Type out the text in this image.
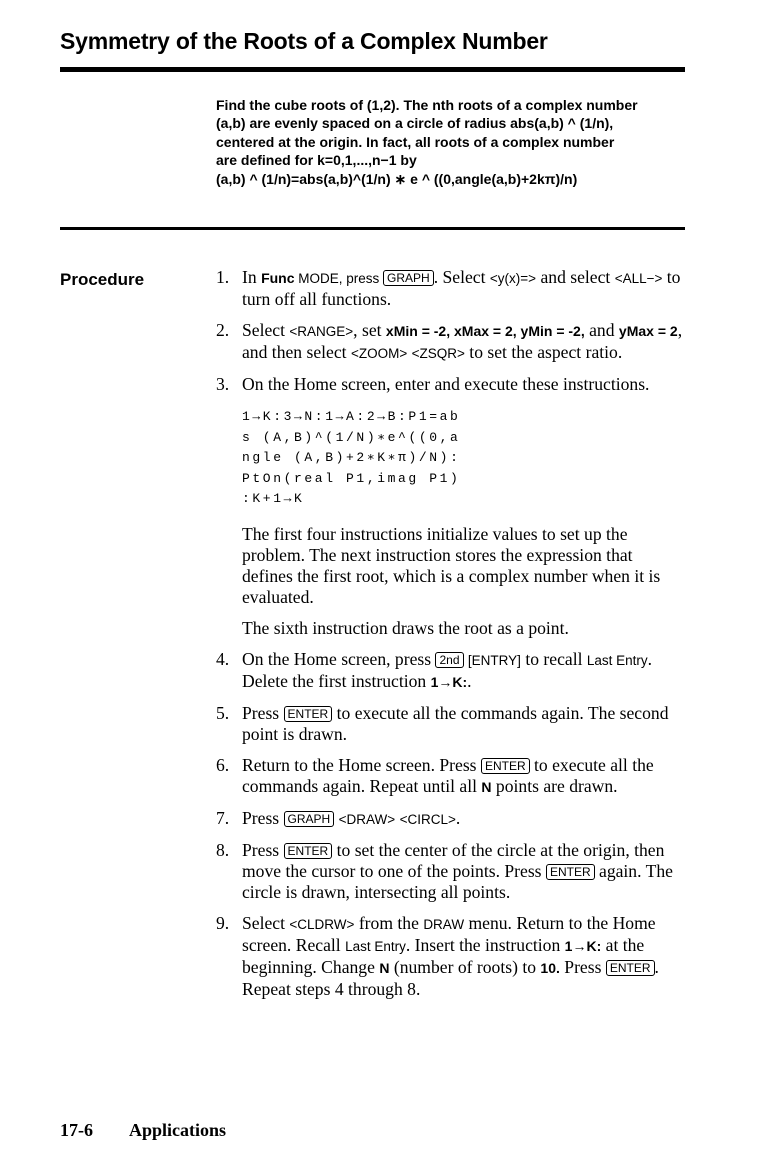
Symmetry of the Roots of a Complex Number
Find the cube roots of (1,2). The nth roots of a complex number
(a,b) are evenly spaced on a circle of radius abs(a,b) ^ (1/n),
centered at the origin. In fact, all roots of a complex number
are defined for k=0,1,...,n−1 by
(a,b) ^ (1/n)=abs(a,b)^(1/n) ∗ e ^ ((0,angle(a,b)+2kπ)/n)
Procedure	1. In Func MODE, press GRAPH . Select <y(x)=> and select <ALL−> to turn off all functions.
2. Select <RANGE>, set xMin = -2, xMax = 2, yMin = -2, and yMax = 2, and then select <ZOOM> <ZSQR> to set the aspect ratio.
3. On the Home screen, enter and execute these instructions.
1→K:3→N:1→A:2→B:P1=ab
s (A,B)^(1/N)∗e^((0,a
ngle (A,B)+2∗K∗π)/N):
PtOn(real P1,imag P1)
:K+1→K

The first four instructions initialize values to set up the problem. The next instruction stores the expression that defines the first root, which is a complex number when it is evaluated.

The sixth instruction draws the root as a point.

4. On the Home screen, press 2nd [ENTRY] to recall Last Entry. Delete the first instruction 1→K:.
5. Press ENTER to execute all the commands again. The second point is drawn.
6. Return to the Home screen. Press ENTER to execute all the commands again. Repeat until all N points are drawn.
7. Press GRAPH <DRAW> <CIRCL>.
8. Press ENTER to set the center of the circle at the origin, then move the cursor to one of the points. Press ENTER again. The circle is drawn, intersecting all points.
9. Select <CLDRW> from the DRAW menu. Return to the Home screen. Recall Last Entry. Insert the instruction 1→K: at the beginning. Change N (number of roots) to 10. Press ENTER . Repeat steps 4 through 8.
17-6 Applications
